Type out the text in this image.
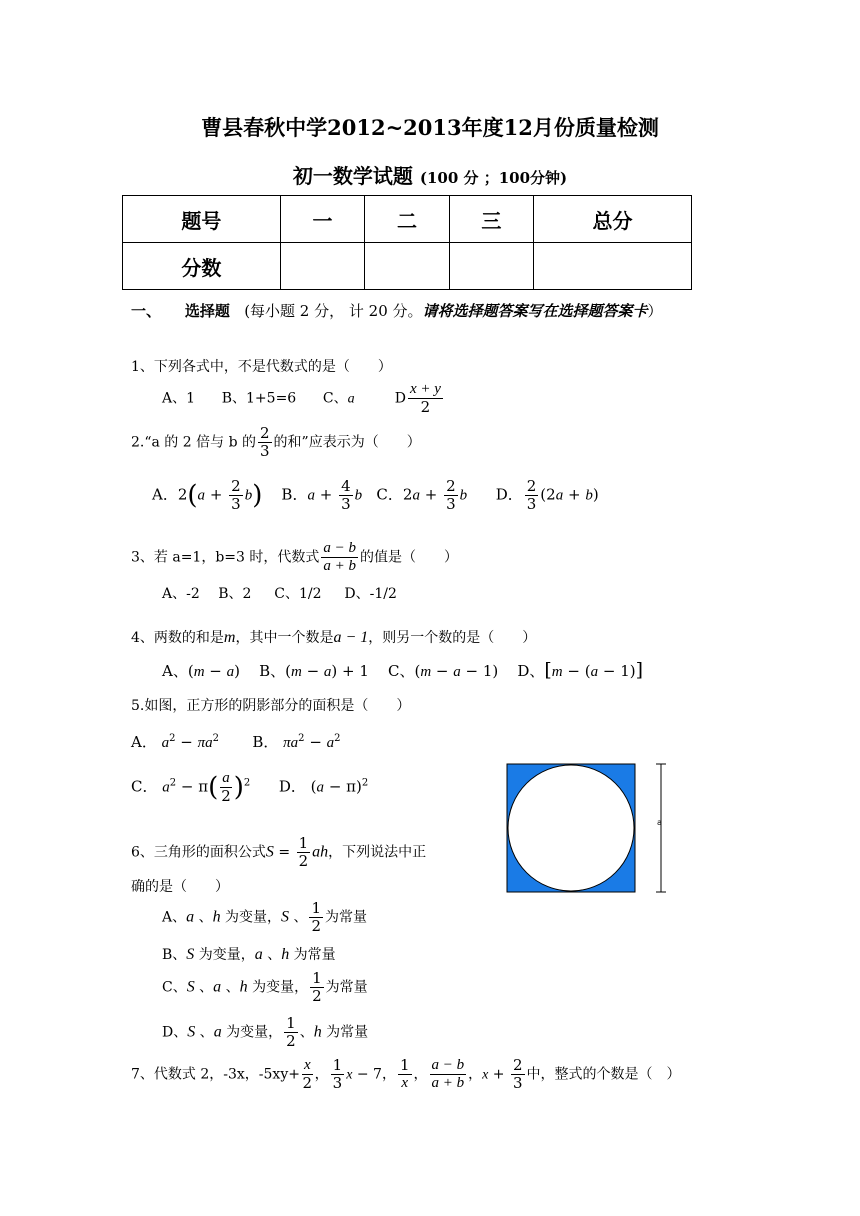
曹县春秋中学2012~2013年度12月份质量检测
初一数学试题 (100 分 ；100分钟)
题号	一	二	三	总分
分数				
一、 选择题 (每小题 2 分， 计 20 分。请将选择题答案写在选择题答案卡）
1、下列各式中，不是代数式的是（　　）
A、1 B、1+5=6 C、a	D $\frac{x + y}{2}$
2.“a 的 2 倍与 b 的 $\frac{2}{3}$ 的和”应表示为（　　）
A．$2(a + \frac{2}{3} b)$    B．$a + \frac{4}{3}$ b   C．$2a + \frac{2}{3}$ b      D． $\frac{2}{3} (2a + b)$
3、若 a=1，b=3 时，代数式 $\frac{a - b}{a + b}$ 的值是（　　）
A、-2　 B、2 　 C、1/2 　 D、-1/2
4、两数的和是m，其中一个数是a − 1，则另一个数的是（　　）
A、(m − a)    B、(m − a) + 1    C、(m − a − 1)    D、[m − (a − 1)]
5.如图，正方形的阴影部分的面积是（　　）
A． $a^2 - \pi a^2$       B． $\pi a^2 - a^2$
C． $a^2 - \pi( \frac{a}{2} )^2$      D． $(a - \pi)^2$
a
6、三角形的面积公式$S = \frac{1}{2}$ ah，下列说法中正
确的是（　　）
A、a 、h 为变量，S 、 $\frac{1}{2}$ 为常量
B、S 为变量，a 、h 为常量
C、S 、a 、h 为变量， $\frac{1}{2}$ 为常量
D、S 、a 为变量， $\frac{1}{2}$ 、h 为常量
7、代数式 2，-3x，$-5xy+ \frac{x}{2}$ ， $\frac{1}{3}$ x − 7， $\frac{1}{x}$ ， $\frac{a - b}{a + b}$ ，$x + \frac{2}{3}$ 中，整式的个数是（　）
